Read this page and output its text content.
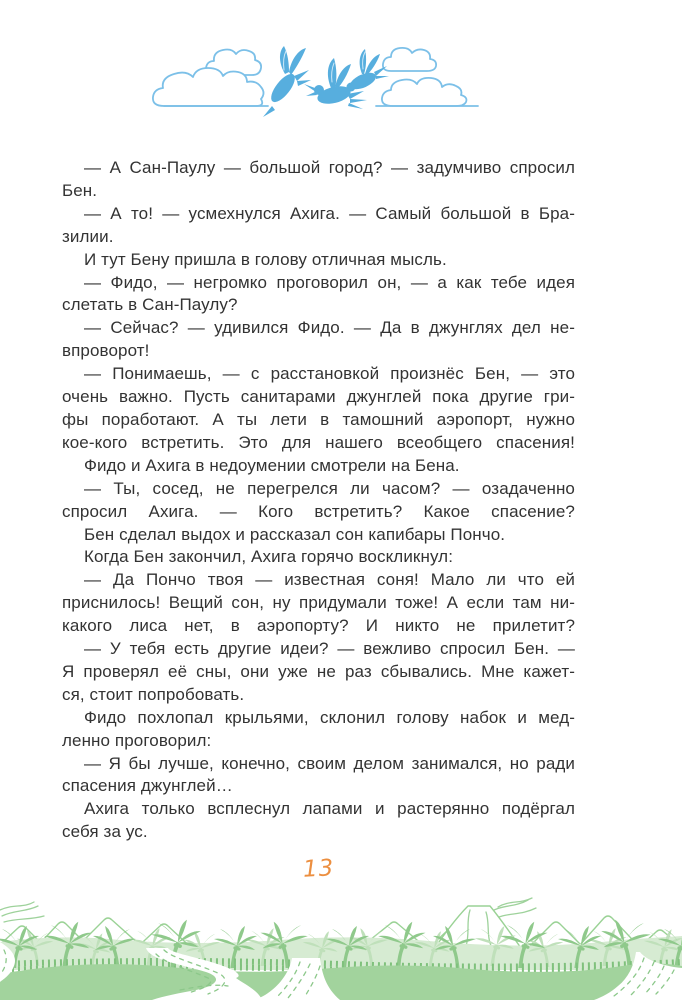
— А Сан-Паулу — большой город? — задумчиво спросил
Бен.
— А то! — усмехнулся Ахига. — Самый большой в Бра-
зилии.
И тут Бену пришла в голову отличная мысль.
— Фидо, — негромко проговорил он, — а как тебе идея
слетать в Сан-Паулу?
— Сейчас? — удивился Фидо. — Да в джунглях дел не-
впроворот!
— Понимаешь, — с расстановкой произнёс Бен, — это
очень важно. Пусть санитарами джунглей пока другие гри-
фы поработают. А ты лети в тамошний аэропорт, нужно
кое-кого встретить. Это для нашего всеобщего спасения!
Фидо и Ахига в недоумении смотрели на Бена.
— Ты, сосед, не перегрелся ли часом? — озадаченно
спросил Ахига. — Кого встретить? Какое спасение?
Бен сделал выдох и рассказал сон капибары Пончо.
Когда Бен закончил, Ахига горячо воскликнул:
— Да Пончо твоя — известная соня! Мало ли что ей
приснилось! Вещий сон, ну придумали тоже! А если там ни-
какого лиса нет, в аэропорту? И никто не прилетит?
— У тебя есть другие идеи? — вежливо спросил Бен. —
Я проверял её сны, они уже не раз сбывались. Мне кажет-
ся, стоит попробовать.
Фидо похлопал крыльями, склонил голову набок и мед-
ленно проговорил:
— Я бы лучше, конечно, своим делом занимался, но ради
спасения джунглей…
Ахига только всплеснул лапами и растерянно подёргал
себя за ус.
13
